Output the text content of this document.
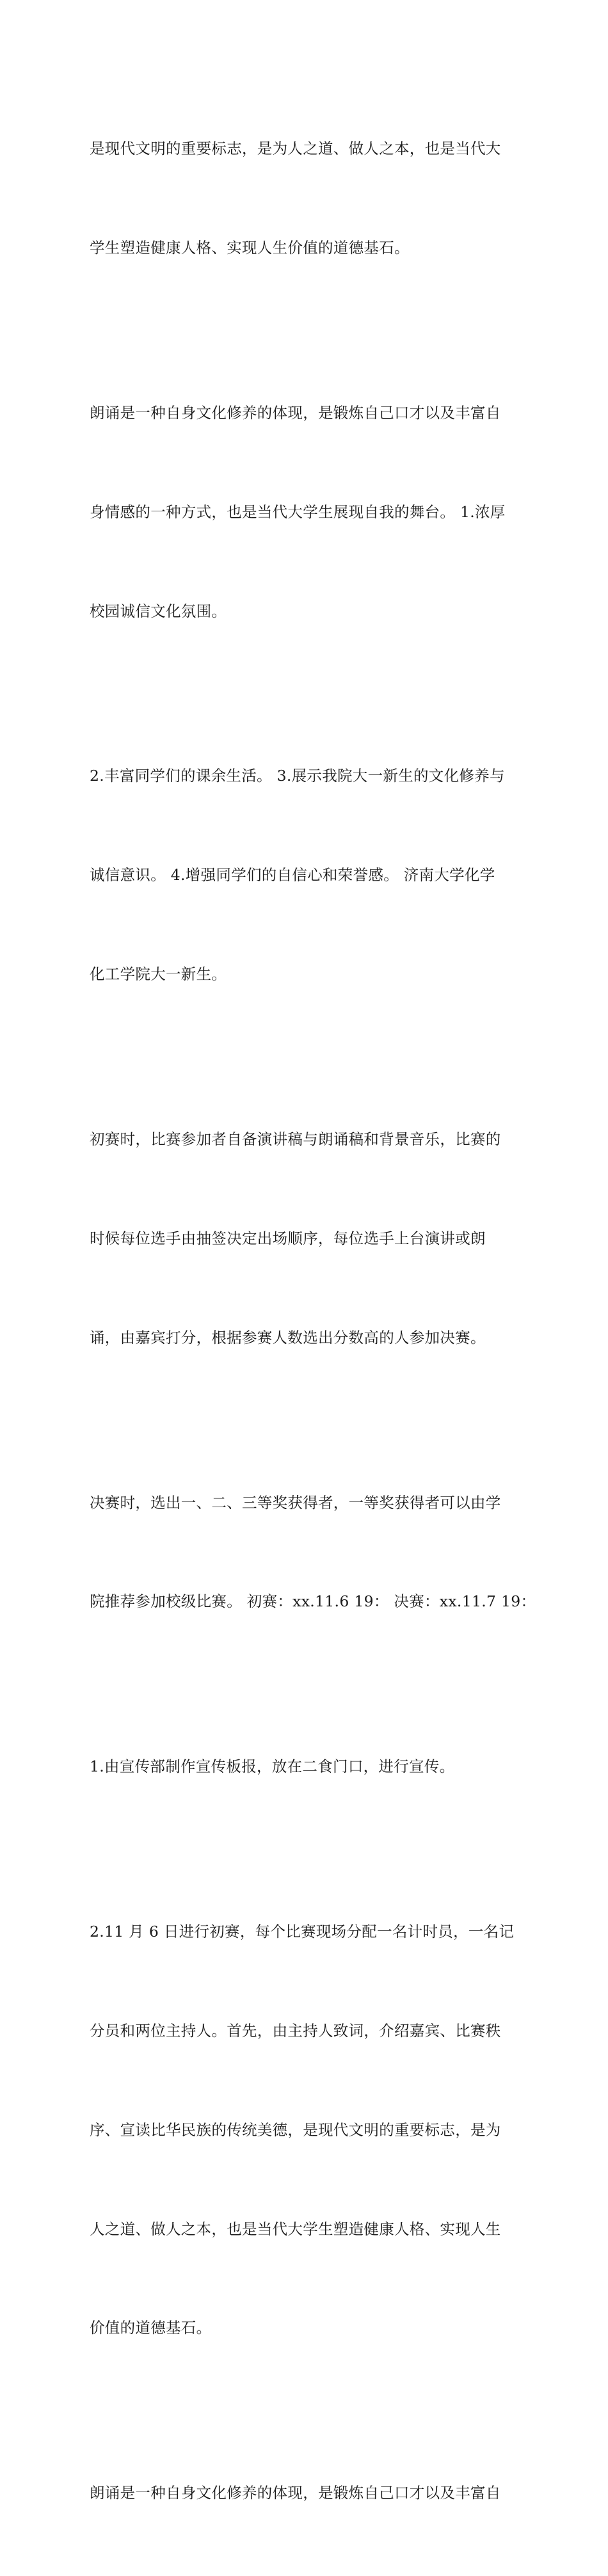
是现代文明的重要标志，是为人之道、做人之本，也是当代大

学生塑造健康人格、实现人生价值的道德基石。

朗诵是一种自身文化修养的体现，是锻炼自己口才以及丰富自

身情感的一种方式，也是当代大学生展现自我的舞台。 1.浓厚

校园诚信文化氛围。

2.丰富同学们的课余生活。 3.展示我院大一新生的文化修养与

诚信意识。 4.增强同学们的自信心和荣誉感。 济南大学化学

化工学院大一新生。

初赛时，比赛参加者自备演讲稿与朗诵稿和背景音乐，比赛的

时候每位选手由抽签决定出场顺序，每位选手上台演讲或朗

诵，由嘉宾打分，根据参赛人数选出分数高的人参加决赛。

决赛时，选出一、二、三等奖获得者，一等奖获得者可以由学

院推荐参加校级比赛。 初赛：xx.11.6 19： 决赛：xx.11.7 19：

1.由宣传部制作宣传板报，放在二食门口，进行宣传。

2.11 月 6 日进行初赛，每个比赛现场分配一名计时员，一名记

分员和两位主持人。首先，由主持人致词，介绍嘉宾、比赛秩

序、宣读比华民族的传统美德，是现代文明的重要标志，是为

人之道、做人之本，也是当代大学生塑造健康人格、实现人生

价值的道德基石。

朗诵是一种自身文化修养的体现，是锻炼自己口才以及丰富自
